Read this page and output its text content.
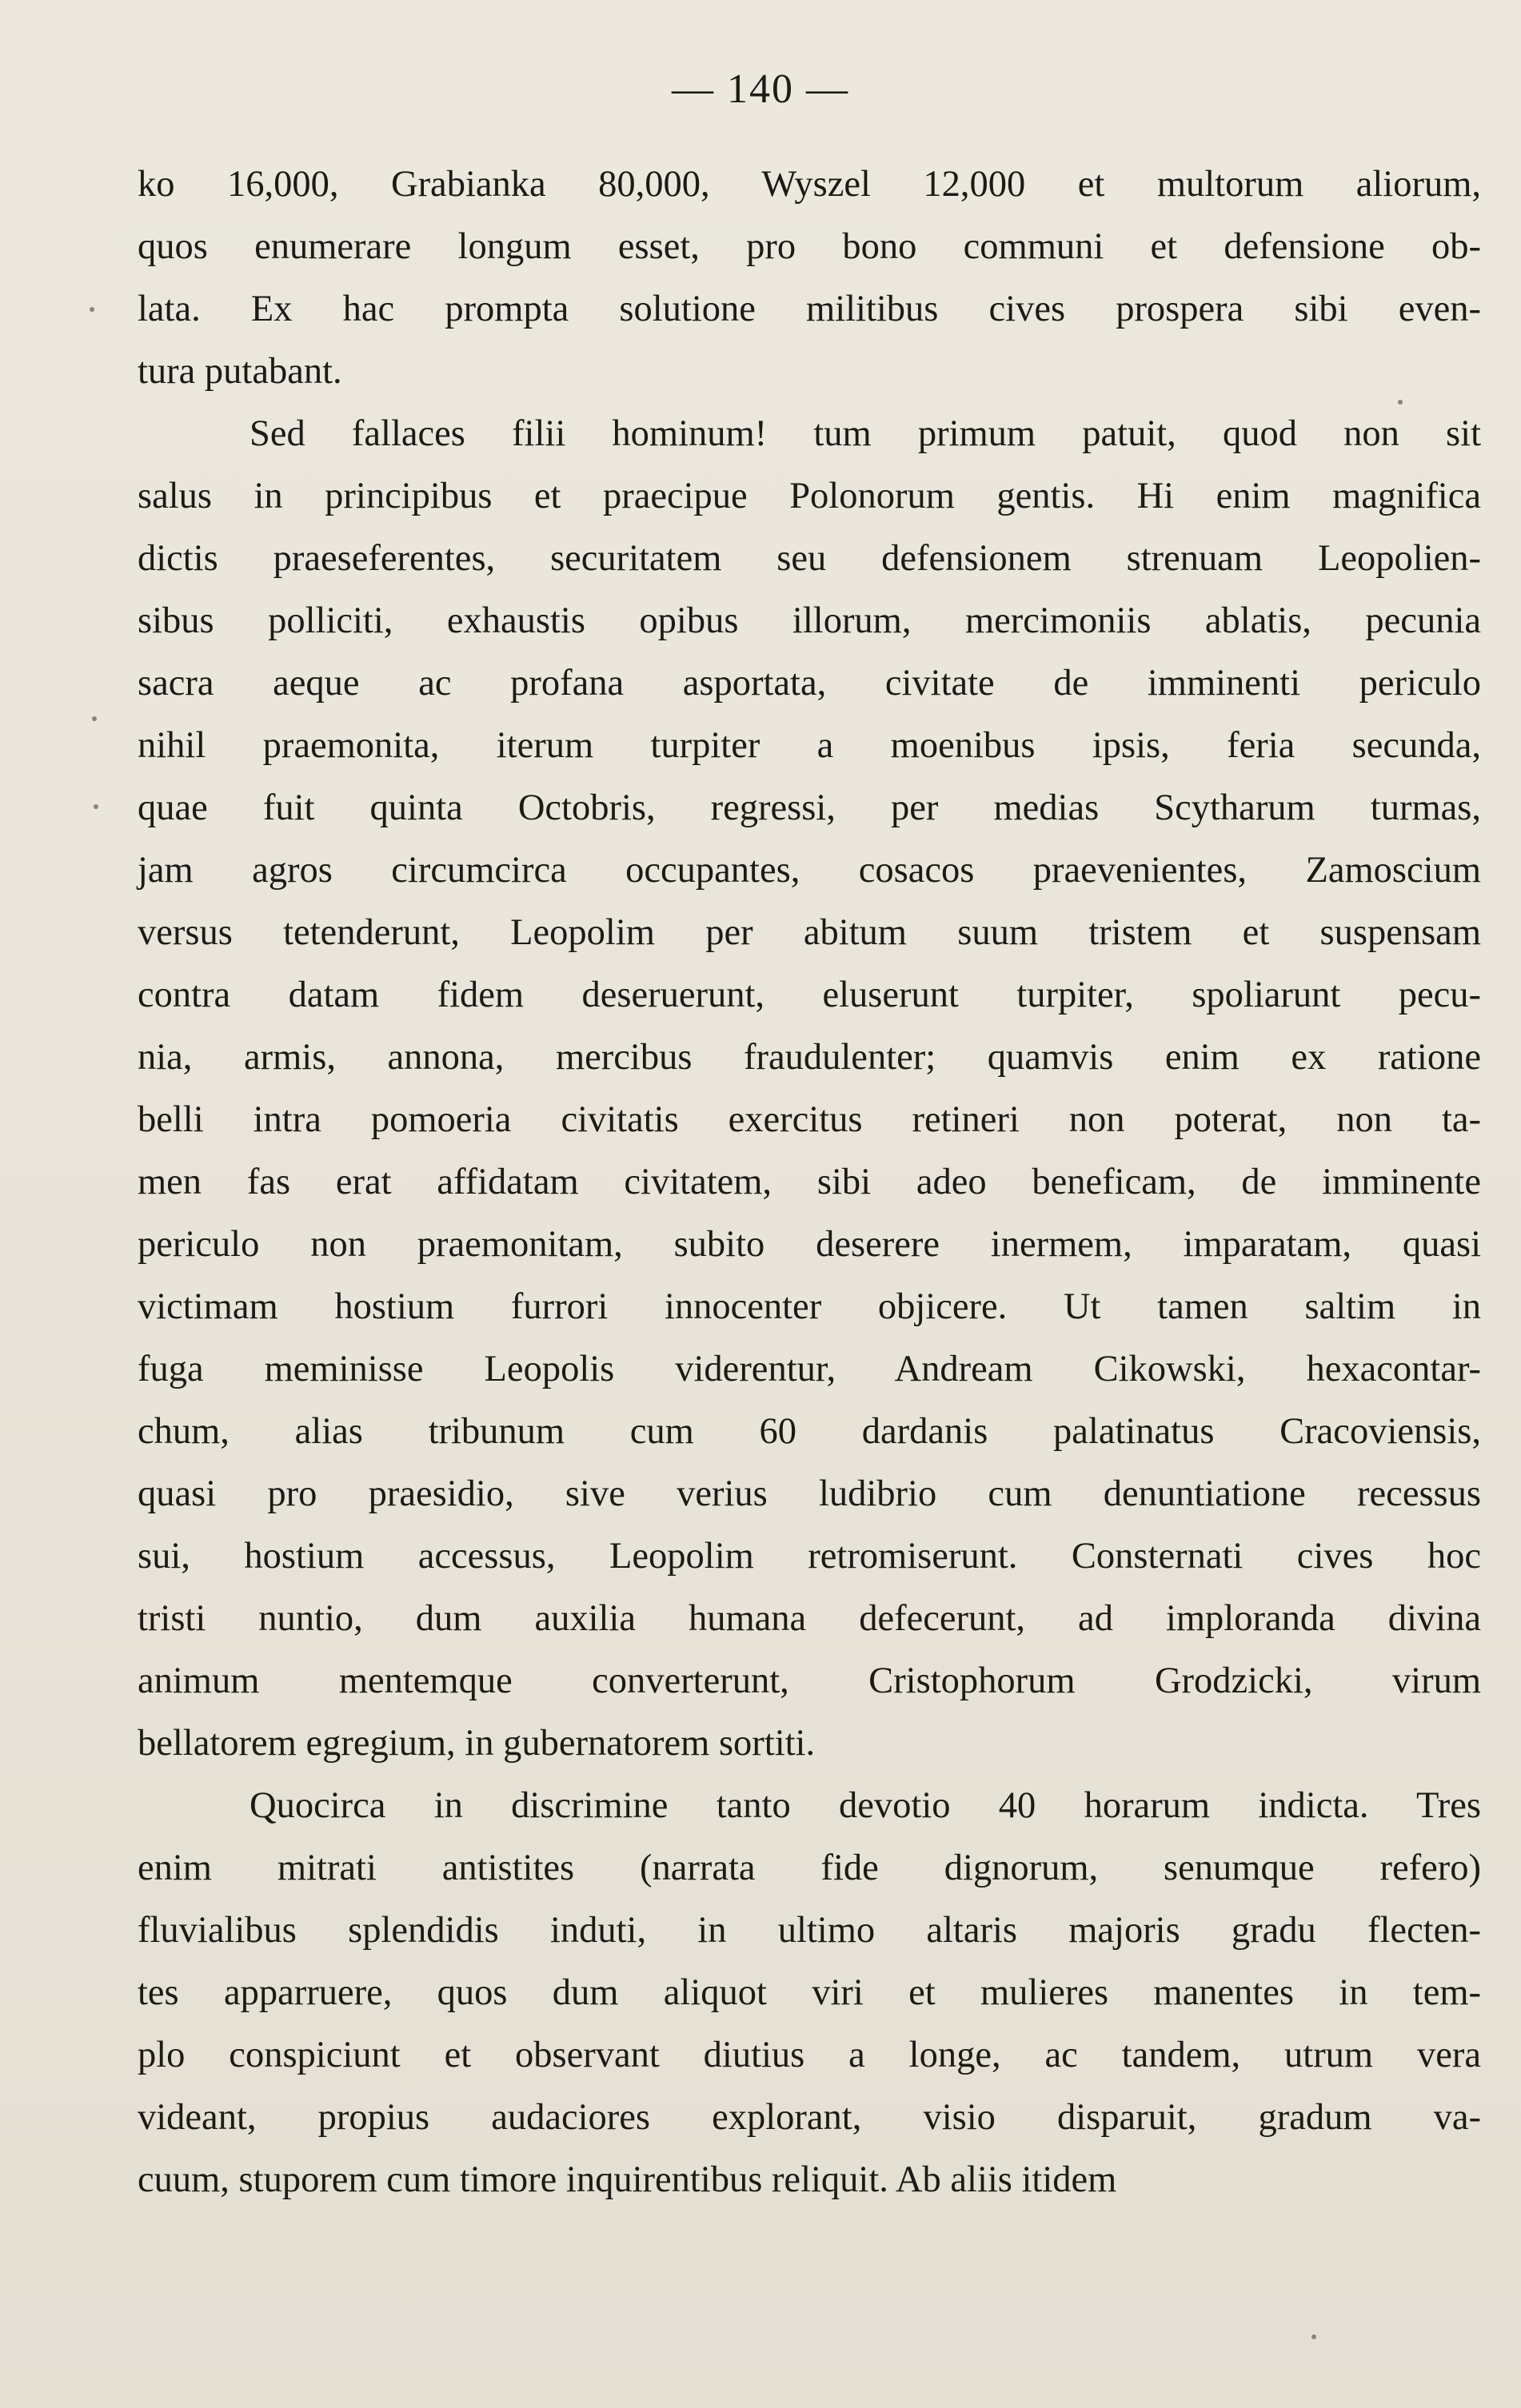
— 140 —
ko 16,000, Grabianka 80,000, Wyszel 12,000 et multorum aliorum,
quos enumerare longum esset, pro bono communi et defensione ob-
lata. Ex hac prompta solutione militibus cives prospera sibi even-
tura putabant.
Sed fallaces filii hominum! tum primum patuit, quod non sit
salus in principibus et praecipue Polonorum gentis. Hi enim magnifica
dictis praeseferentes, securitatem seu defensionem strenuam Leopolien-
sibus polliciti, exhaustis opibus illorum, mercimoniis ablatis, pecunia
sacra aeque ac profana asportata, civitate de imminenti periculo
nihil praemonita, iterum turpiter a moenibus ipsis, feria secunda,
quae fuit quinta Octobris, regressi, per medias Scytharum turmas,
jam agros circumcirca occupantes, cosacos praevenientes, Zamoscium
versus tetenderunt, Leopolim per abitum suum tristem et suspensam
contra datam fidem deseruerunt, eluserunt turpiter, spoliarunt pecu-
nia, armis, annona, mercibus fraudulenter; quamvis enim ex ratione
belli intra pomoeria civitatis exercitus retineri non poterat, non ta-
men fas erat affidatam civitatem, sibi adeo beneficam, de imminente
periculo non praemonitam, subito deserere inermem, imparatam, quasi
victimam hostium furrori innocenter objicere. Ut tamen saltim in
fuga meminisse Leopolis viderentur, Andream Cikowski, hexacontar-
chum, alias tribunum cum 60 dardanis palatinatus Cracoviensis,
quasi pro praesidio, sive verius ludibrio cum denuntiatione recessus
sui, hostium accessus, Leopolim retromiserunt. Consternati cives hoc
tristi nuntio, dum auxilia humana defecerunt, ad imploranda divina
animum mentemque converterunt, Cristophorum Grodzicki, virum
bellatorem egregium, in gubernatorem sortiti.
Quocirca in discrimine tanto devotio 40 horarum indicta. Tres
enim mitrati antistites (narrata fide dignorum, senumque refero)
fluvialibus splendidis induti, in ultimo altaris majoris gradu flecten-
tes apparruere, quos dum aliquot viri et mulieres manentes in tem-
plo conspiciunt et observant diutius a longe, ac tandem, utrum vera
videant, propius audaciores explorant, visio disparuit, gradum va-
cuum, stuporem cum timore inquirentibus reliquit. Ab aliis itidem
